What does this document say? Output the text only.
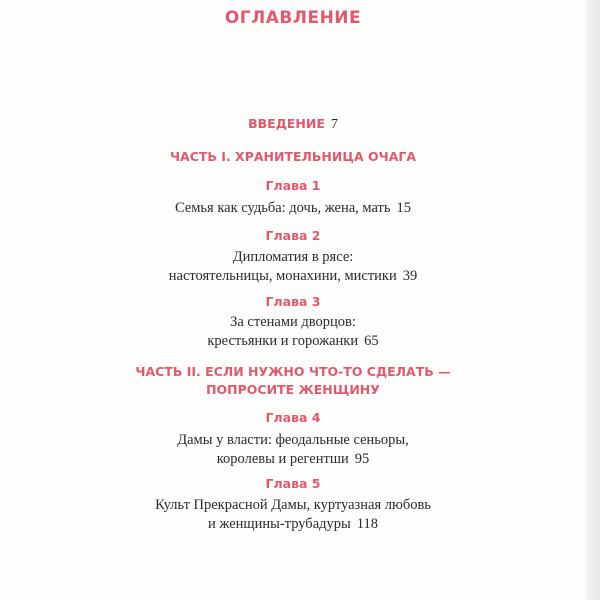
ОГЛАВЛЕНИЕ
ВВЕДЕНИЕ 7
ЧАСТЬ I. ХРАНИТЕЛЬНИЦА ОЧАГА
Глава 1
Семья как судьба: дочь, жена, мать 15
Глава 2
Дипломатия в рясе:
настоятельницы, монахини, мистики 39
Глава 3
За стенами дворцов:
крестьянки и горожанки 65
ЧАСТЬ II. ЕСЛИ НУЖНО ЧТО-ТО СДЕЛАТЬ —
ПОПРОСИТЕ ЖЕНЩИНУ
Глава 4
Дамы у власти: феодальные сеньоры,
королевы и регентши 95
Глава 5
Культ Прекрасной Дамы, куртуазная любовь
и женщины-трубадуры 118
